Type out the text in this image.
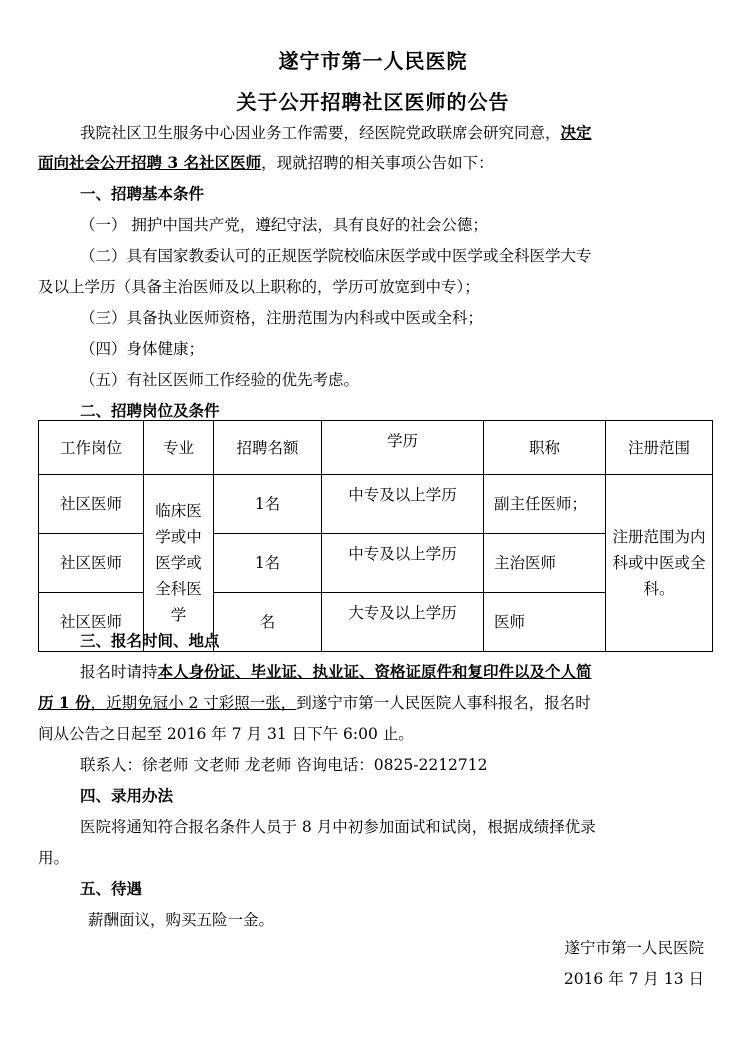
遂宁市第一人民医院
关于公开招聘社区医师的公告
我院社区卫生服务中心因业务工作需要，经医院党政联席会研究同意，决定
面向社会公开招聘 3 名社区医师，现就招聘的相关事项公告如下：
一、招聘基本条件
（一） 拥护中国共产党，遵纪守法，具有良好的社会公德；
（二）具有国家教委认可的正规医学院校临床医学或中医学或全科医学大专
及以上学历（具备主治医师及以上职称的，学历可放宽到中专）；
（三）具备执业医师资格，注册范围为内科或中医或全科；
（四）身体健康；
（五）有社区医师工作经验的优先考虑。
二、招聘岗位及条件
工作岗位	专业	招聘名额	学历	职称	注册范围
社区医师	临床医学或中医学或全科医学	1名	中专及以上学历	副主任医师；	注册范围为内科或中医或全科。
社区医师		1名	中专及以上学历	主治医师	
社区医师		名	大专及以上学历	医师	
三、报名时间、地点
报名时请持本人身份证、毕业证、执业证、资格证原件和复印件以及个人简
历 1 份，近期免冠小 2 寸彩照一张，到遂宁市第一人民医院人事科报名，报名时
间从公告之日起至 2016 年 7 月 31 日下午 6:00 止。
联系人：徐老师 文老师 龙老师 咨询电话：0825-2212712
四、录用办法
医院将通知符合报名条件人员于 8 月中初参加面试和试岗，根据成绩择优录
用。
五、待遇
薪酬面议，购买五险一金。
遂宁市第一人民医院
2016 年 7 月 13 日
